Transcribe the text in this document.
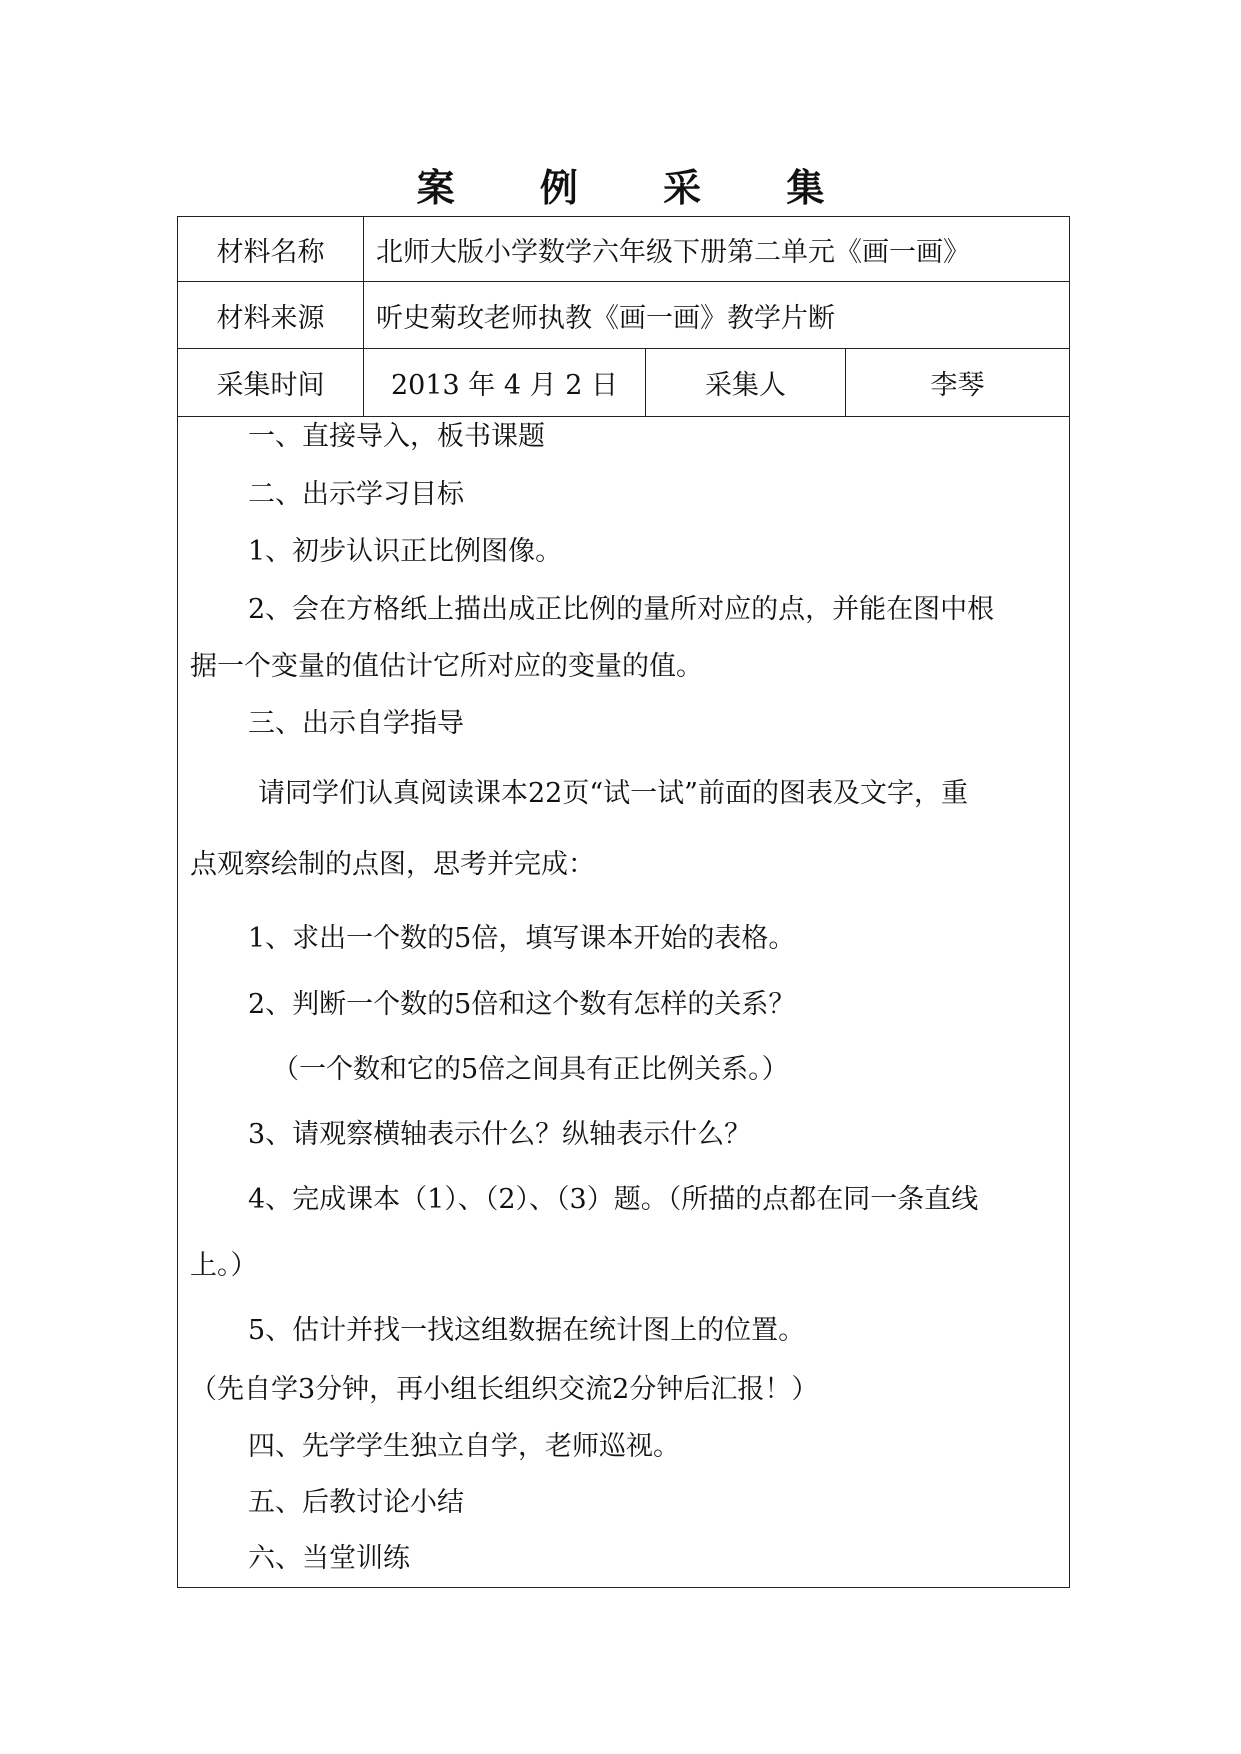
案 例 采 集
材料名称	北师大版小学数学六年级下册第二单元《画一画》
材料来源	听史菊玫老师执教《画一画》教学片断
采集时间	2013 年 4 月 2 日	采集人	李琴
一、直接导入，板书课题
二、出示学习目标
1、初步认识正比例图像。
2、会在方格纸上描出成正比例的量所对应的点，并能在图中根
据一个变量的值估计它所对应的变量的值。
三、出示自学指导
请同学们认真阅读课本22页“试一试”前面的图表及文字，重
点观察绘制的点图，思考并完成：
1、求出一个数的5倍，填写课本开始的表格。
2、判断一个数的5倍和这个数有怎样的关系？
（一个数和它的5倍之间具有正比例关系。）
3、请观察横轴表示什么？纵轴表示什么？
4、完成课本（1）、（2）、（3）题。（所描的点都在同一条直线
上。）
5、估计并找一找这组数据在统计图上的位置。
（先自学3分钟，再小组长组织交流2分钟后汇报！）
四、先学学生独立自学，老师巡视。
五、后教讨论小结
六、当堂训练
